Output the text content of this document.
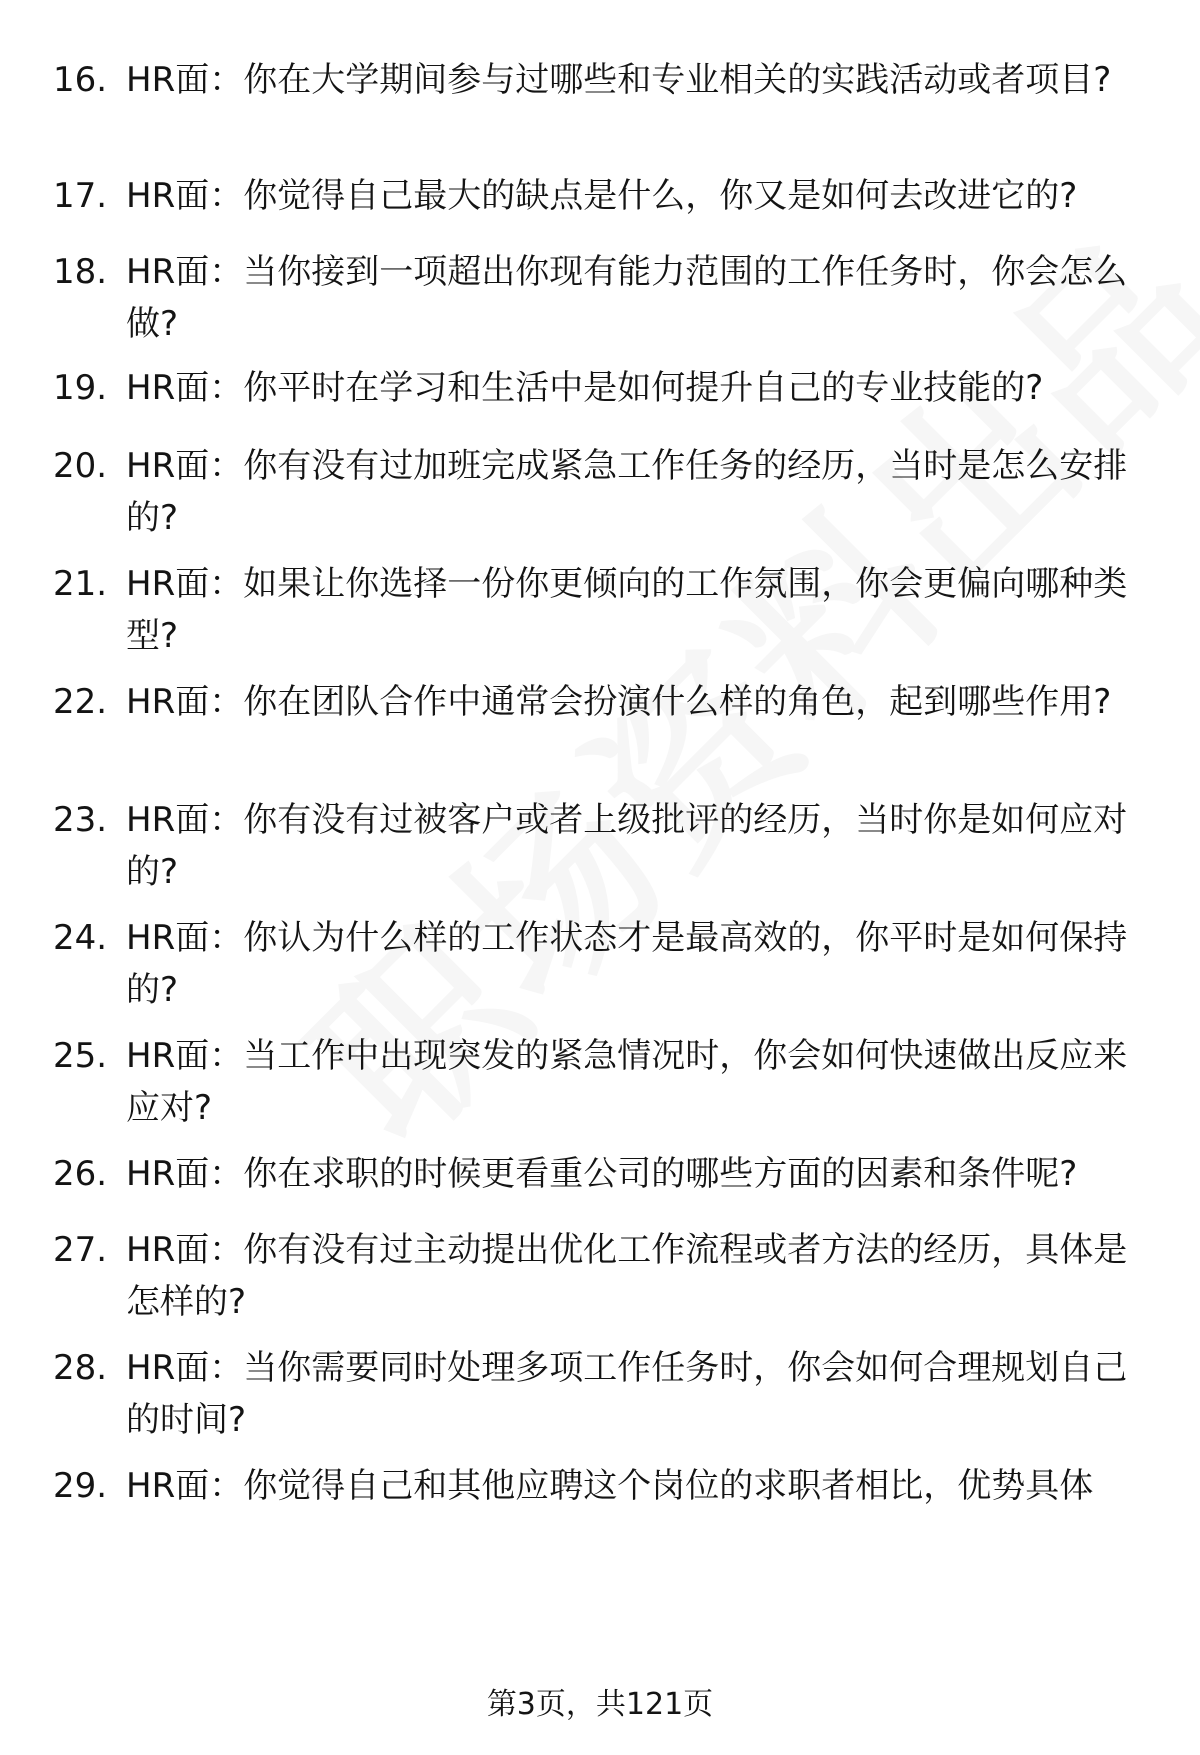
16. HR面：你在大学期间参与过哪些和专业相关的实践活动或者项目?
17. HR面：你觉得自己最大的缺点是什么，你又是如何去改进它的?
18. HR面：当你接到一项超出你现有能力范围的工作任务时，你会怎么做?
19. HR面：你平时在学习和生活中是如何提升自己的专业技能的?
20. HR面：你有没有过加班完成紧急工作任务的经历，当时是怎么安排的?
21. HR面：如果让你选择一份你更倾向的工作氛围，你会更偏向哪种类型?
22. HR面：你在团队合作中通常会扮演什么样的角色，起到哪些作用?
23. HR面：你有没有过被客户或者上级批评的经历，当时你是如何应对的?
24. HR面：你认为什么样的工作状态才是最高效的，你平时是如何保持的?
25. HR面：当工作中出现突发的紧急情况时，你会如何快速做出反应来应对?
26. HR面：你在求职的时候更看重公司的哪些方面的因素和条件呢?
27. HR面：你有没有过主动提出优化工作流程或者方法的经历，具体是怎样的?
28. HR面：当你需要同时处理多项工作任务时，你会如何合理规划自己的时间?
29. HR面：你觉得自己和其他应聘这个岗位的求职者相比，优势具体
第3页，共121页
